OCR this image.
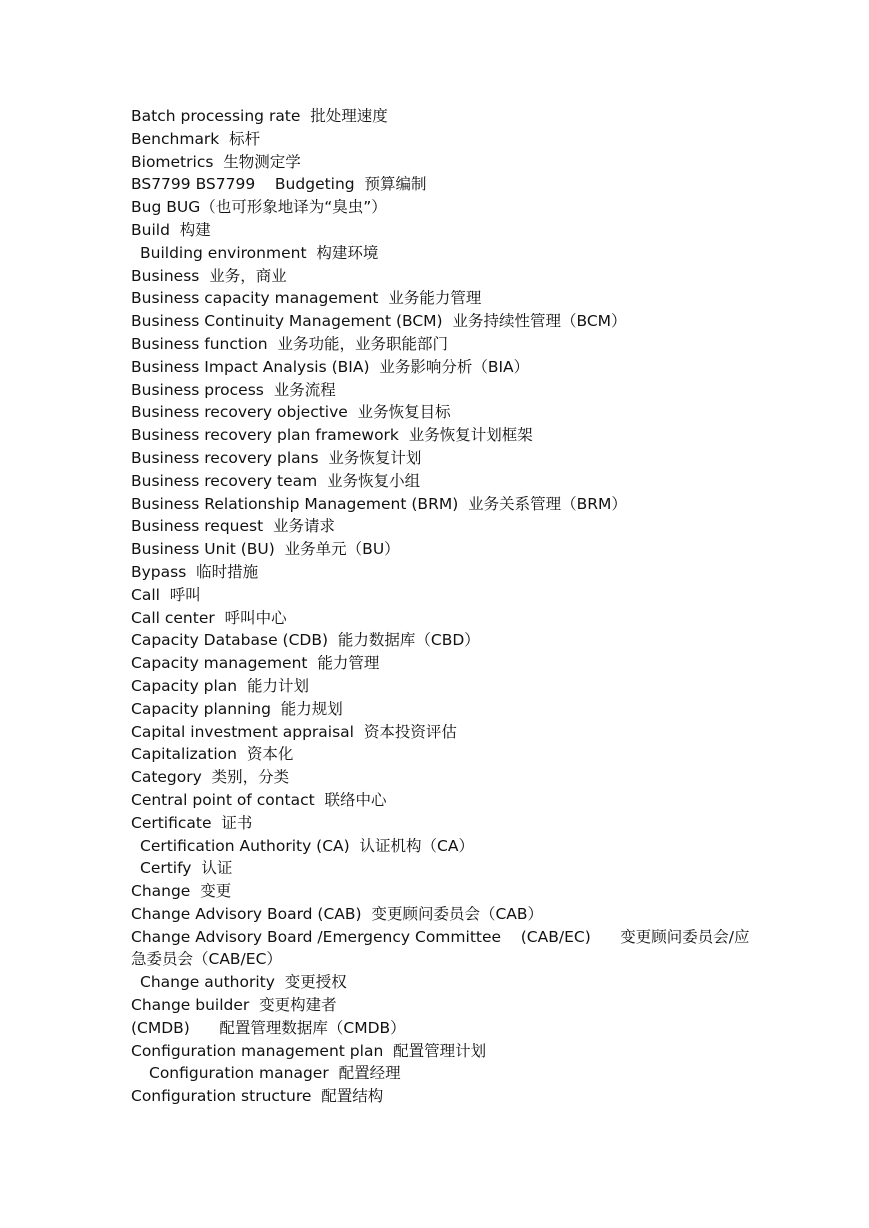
Batch processing rate  批处理速度
Benchmark  标杆
Biometrics  生物测定学
BS7799 BS7799    Budgeting  预算编制
Bug BUG（也可形象地译为“臭虫”）
Build  构建
Building environment  构建环境
Business  业务，商业
Business capacity management  业务能力管理
Business Continuity Management (BCM)  业务持续性管理（BCM）
Business function  业务功能，业务职能部门
Business Impact Analysis (BIA)  业务影响分析（BIA）
Business process  业务流程
Business recovery objective  业务恢复目标
Business recovery plan framework  业务恢复计划框架
Business recovery plans  业务恢复计划
Business recovery team  业务恢复小组
Business Relationship Management (BRM)  业务关系管理（BRM）
Business request  业务请求
Business Unit (BU)  业务单元（BU）
Bypass  临时措施
Call  呼叫
Call center  呼叫中心
Capacity Database (CDB)  能力数据库（CBD）
Capacity management  能力管理
Capacity plan  能力计划
Capacity planning  能力规划
Capital investment appraisal  资本投资评估
Capitalization  资本化
Category  类别，分类
Central point of contact  联络中心
Certificate  证书
Certification Authority (CA)  认证机构（CA）
Certify  认证
Change  变更
Change Advisory Board (CAB)  变更顾问委员会（CAB）
Change Advisory Board /Emergency Committee    (CAB/EC)      变更顾问委员会/应
急委员会（CAB/EC）
Change authority  变更授权
Change builder  变更构建者
(CMDB)      配置管理数据库（CMDB）
Configuration management plan  配置管理计划
Configuration manager  配置经理
Configuration structure  配置结构
